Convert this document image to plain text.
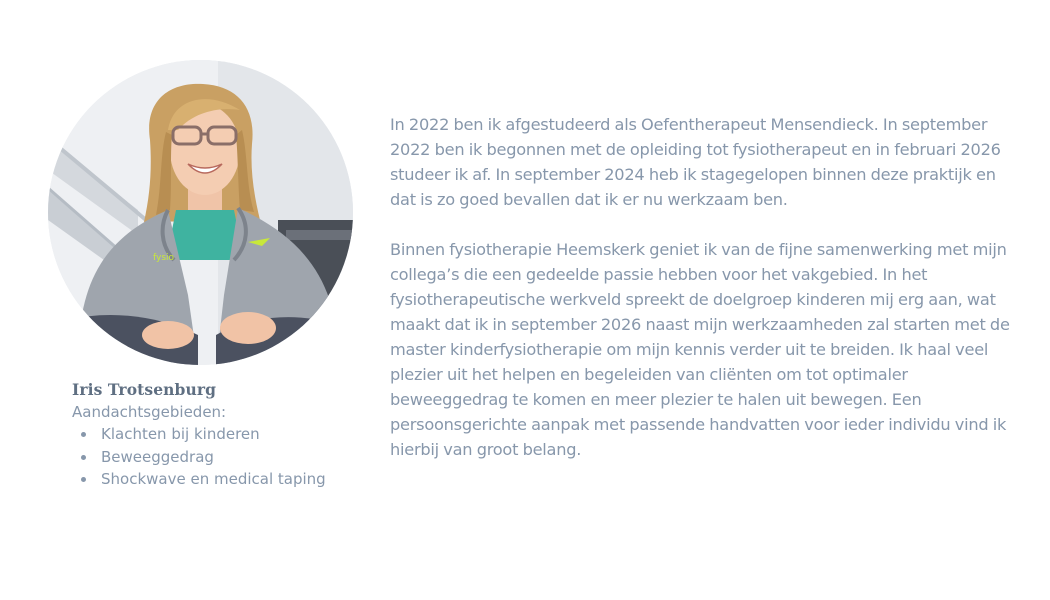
fysio
Iris Trotsenburg
Aandachtsgebieden:
Klachten bij kinderen
Beweeggedrag
Shockwave en medical taping

In 2022 ben ik afgestudeerd als Oefentherapeut Mensendieck. In september 2022 ben ik begonnen met de opleiding tot fysiotherapeut en in februari 2026 studeer ik af. In september 2024 heb ik stagegelopen binnen deze praktijk en dat is zo goed bevallen dat ik er nu werkzaam ben.

Binnen fysiotherapie Heemskerk geniet ik van de fijne samenwerking met mijn collega’s die een gedeelde passie hebben voor het vakgebied. In het fysiotherapeutische werkveld spreekt de doelgroep kinderen mij erg aan, wat maakt dat ik in september 2026 naast mijn werkzaamheden zal starten met de master kinderfysiotherapie om mijn kennis verder uit te breiden. Ik haal veel plezier uit het helpen en begeleiden van cliënten om tot optimaler beweeggedrag te komen en meer plezier te halen uit bewegen. Een persoonsgerichte aanpak met passende handvatten voor ieder individu vind ik hierbij van groot belang.
